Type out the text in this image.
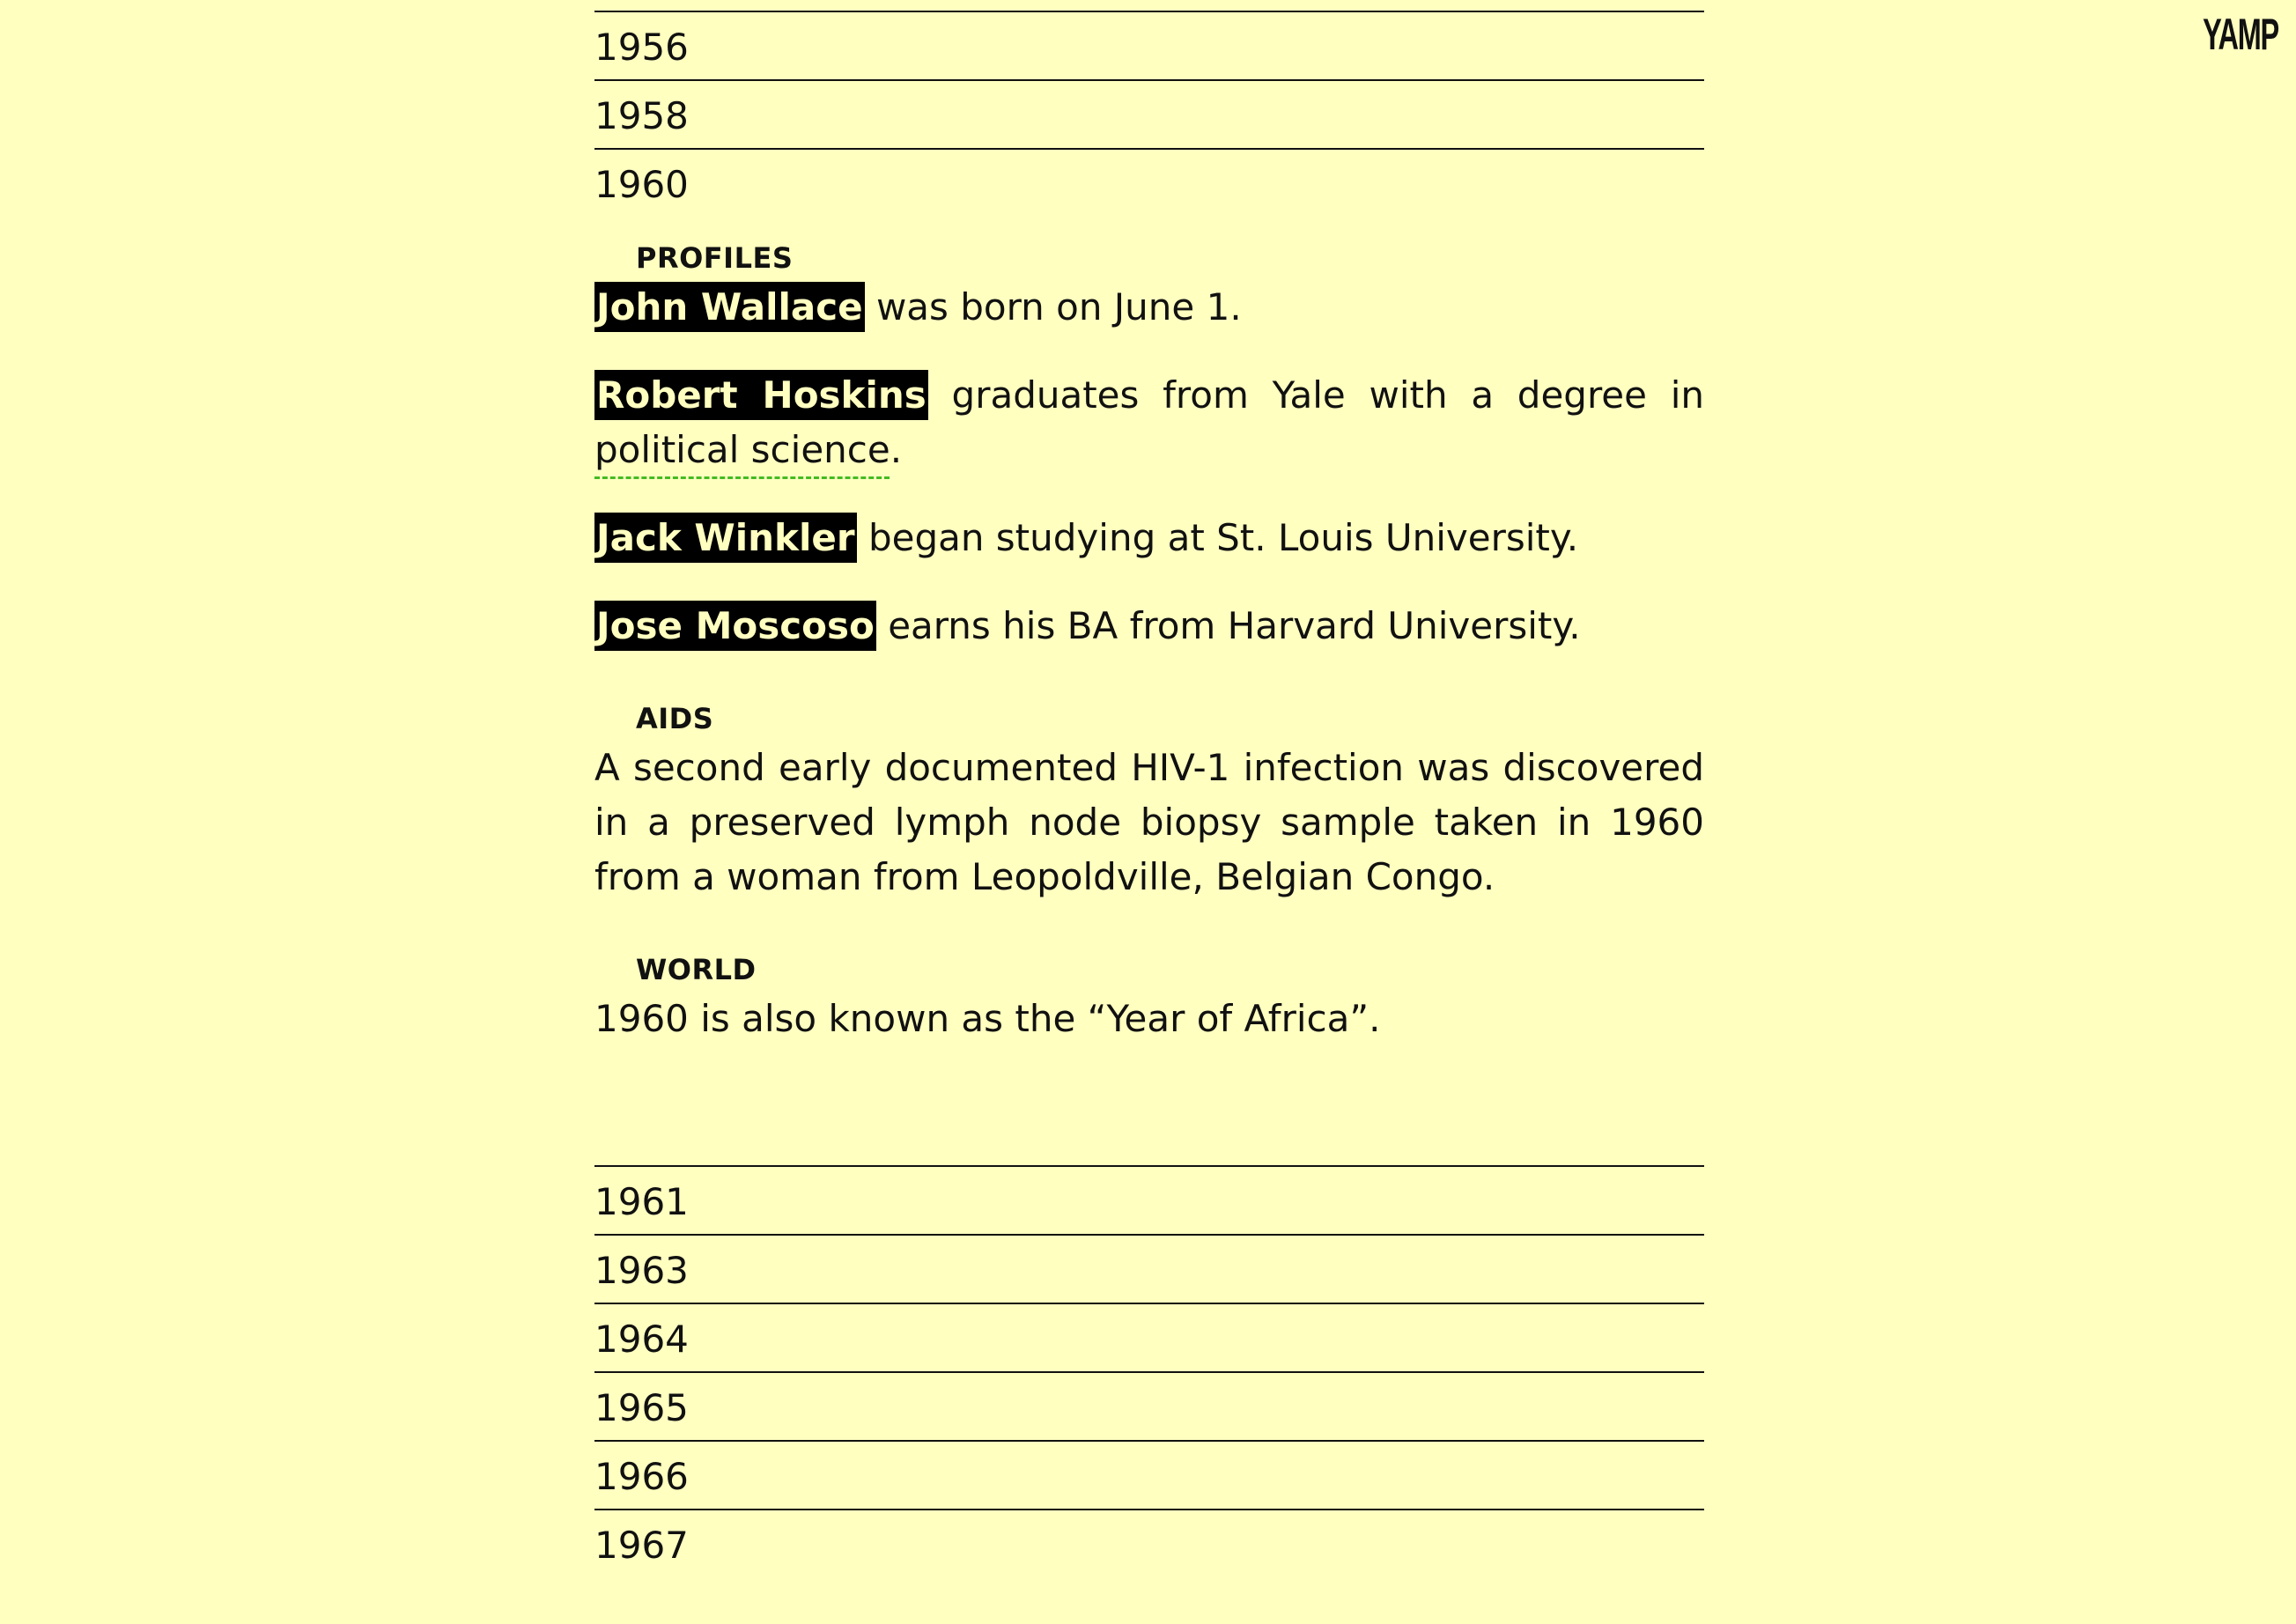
YAMP
1956
1958
1960
PROFILES

John Wallace was born on June 1.

Robert Hoskins graduates from Yale with a degree in political science.

Jack Winkler began studying at St. Louis University.

Jose Moscoso earns his BA from Harvard University.

AIDS

A second early documented HIV-1 infection was discovered in a preserved lymph node biopsy sample taken in 1960 from a woman from Leopoldville, Belgian Congo.

WORLD

1960 is also known as the “Year of Africa”.

1961
1963
1964
1965
1966
1967
